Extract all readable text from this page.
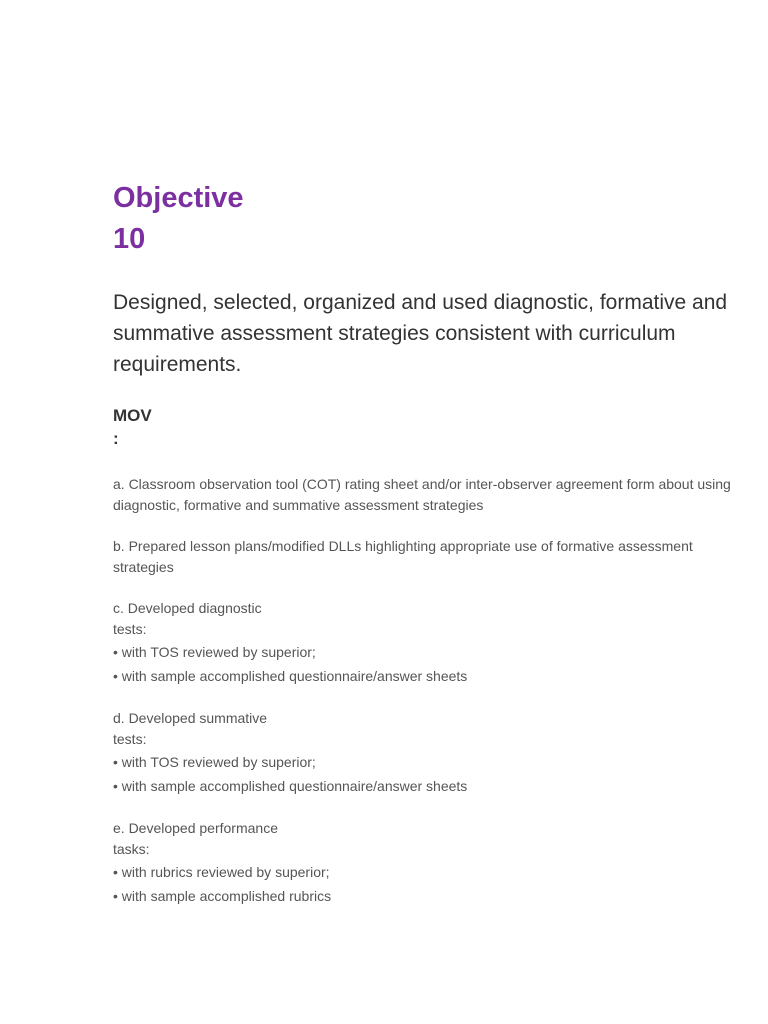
Objective
10

Designed, selected, organized and used diagnostic, formative and summative assessment strategies consistent with curriculum requirements.

MOV
:

a. Classroom observation tool (COT) rating sheet and/or inter-observer agreement form about using diagnostic, formative and summative assessment strategies

b. Prepared lesson plans/modified DLLs highlighting appropriate use of formative assessment strategies

c. Developed diagnostic
tests:
• with TOS reviewed by superior;
• with sample accomplished questionnaire/answer sheets
d. Developed summative
tests:
• with TOS reviewed by superior;
• with sample accomplished questionnaire/answer sheets
e. Developed performance
tasks:
• with rubrics reviewed by superior;
• with sample accomplished rubrics
